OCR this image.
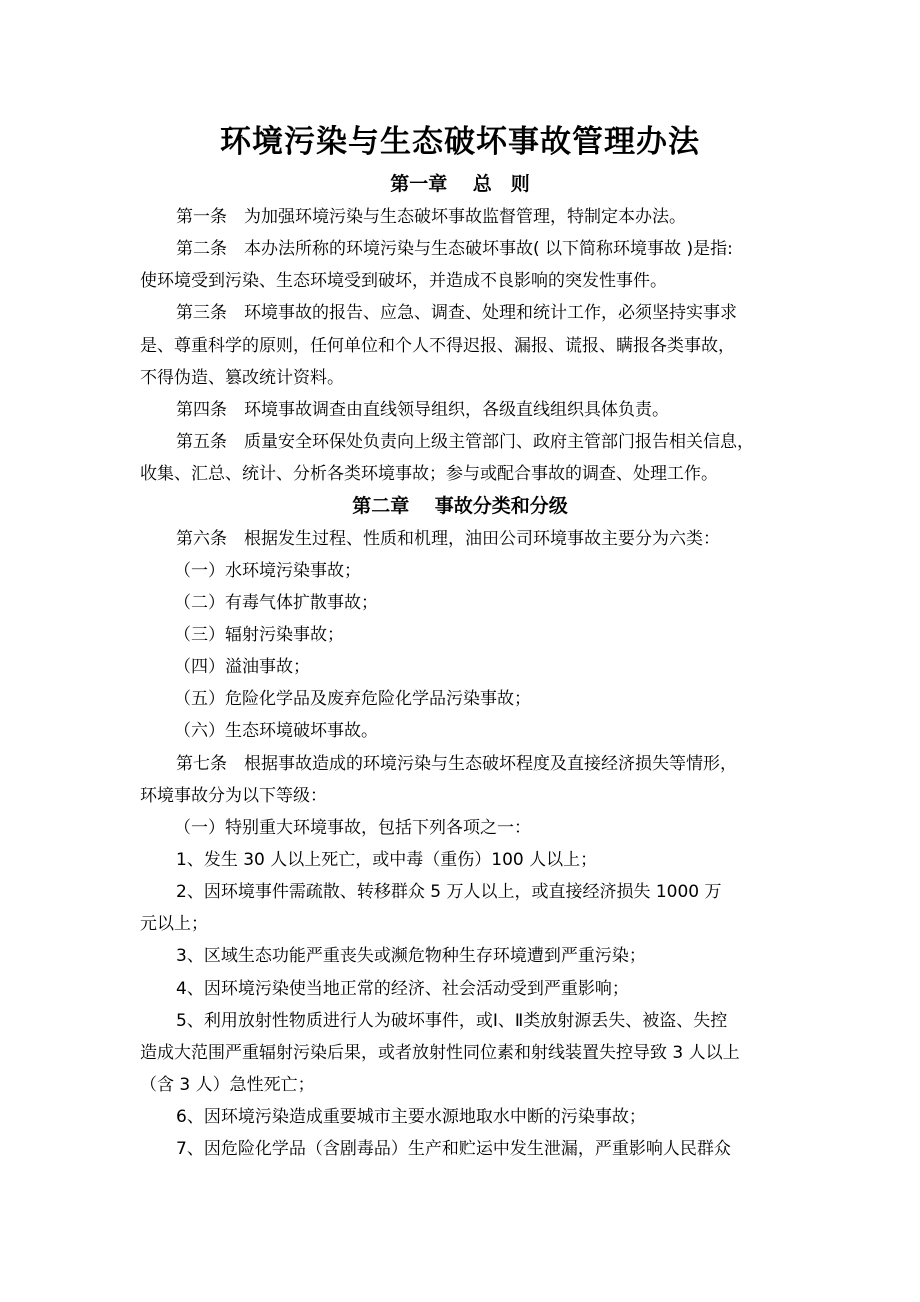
环境污染与生态破坏事故管理办法
第一章　 总　则
第一条　为加强环境污染与生态破坏事故监督管理，特制定本办法。
第二条　本办法所称的环境污染与生态破坏事故( 以下简称环境事故 )是指:
使环境受到污染、生态环境受到破坏，并造成不良影响的突发性事件。
第三条　环境事故的报告、应急、调查、处理和统计工作，必须坚持实事求
是、尊重科学的原则，任何单位和个人不得迟报、漏报、谎报、瞒报各类事故，
不得伪造、篡改统计资料。
第四条　环境事故调查由直线领导组织，各级直线组织具体负责。
第五条　质量安全环保处负责向上级主管部门、政府主管部门报告相关信息，
收集、汇总、统计、分析各类环境事故；参与或配合事故的调查、处理工作。
第二章　 事故分类和分级
第六条　根据发生过程、性质和机理，油田公司环境事故主要分为六类：
（一）水环境污染事故；
（二）有毒气体扩散事故；
（三）辐射污染事故；
（四）溢油事故；
（五）危险化学品及废弃危险化学品污染事故；
（六）生态环境破坏事故。
第七条　根据事故造成的环境污染与生态破坏程度及直接经济损失等情形，
环境事故分为以下等级：
（一）特别重大环境事故，包括下列各项之一：
1、发生 30 人以上死亡，或中毒（重伤）100 人以上；
2、因环境事件需疏散、转移群众 5 万人以上，或直接经济损失 1000 万
元以上；
3、区域生态功能严重丧失或濒危物种生存环境遭到严重污染；
4、因环境污染使当地正常的经济、社会活动受到严重影响；
5、利用放射性物质进行人为破坏事件，或Ⅰ、Ⅱ类放射源丢失、被盗、失控
造成大范围严重辐射污染后果，或者放射性同位素和射线装置失控导致 3 人以上
（含 3 人）急性死亡；
6、因环境污染造成重要城市主要水源地取水中断的污染事故；
7、因危险化学品（含剧毒品）生产和贮运中发生泄漏，严重影响人民群众
